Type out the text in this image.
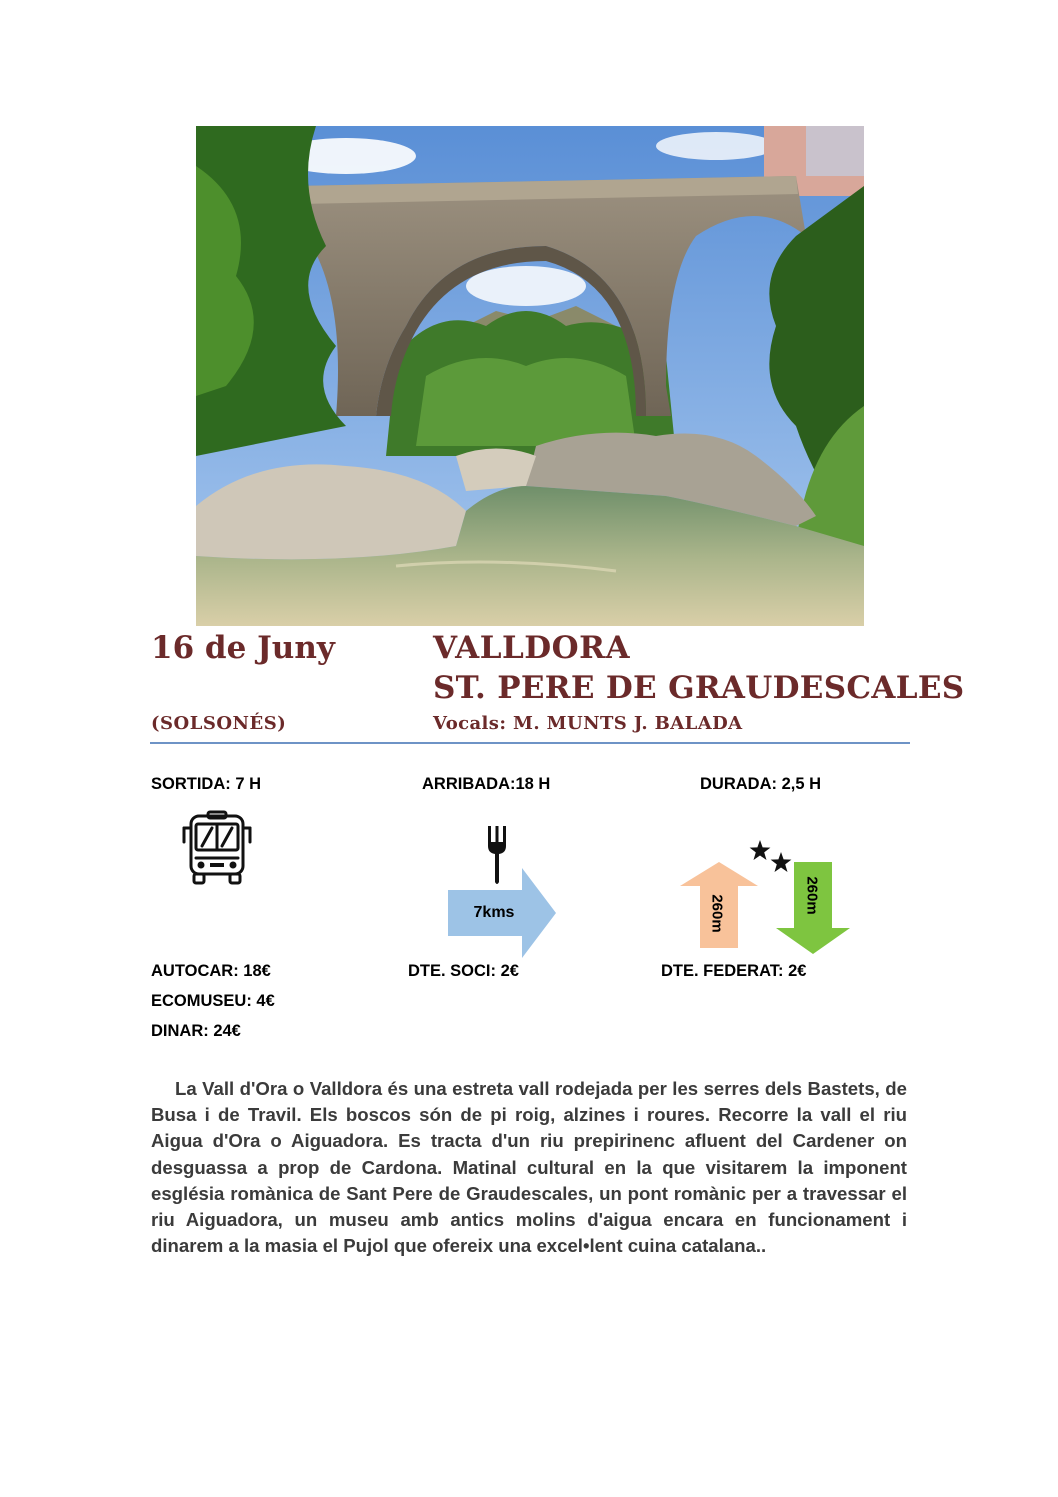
16 de Juny	VALLDORA
ST. PERE DE GRAUDESCALES
(SOLSONÉS)	Vocals: M. MUNTS J. BALADA
SORTIDA: 7 H	ARRIBADA:18 H	DURADA: 2,5 H
7kms	260m	260m
AUTOCAR: 18€
ECOMUSEU: 4€
DINAR: 24€
DTE. SOCI: 2€	DTE. FEDERAT: 2€
La Vall d'Ora o Valldora és una estreta vall rodejada per les serres dels Bastets, de Busa i de Travil. Els boscos són de pi roig, alzines i roures. Recorre la vall el riu Aigua d'Ora o Aiguadora. Es tracta d'un riu prepirinenc afluent del Cardener on desguassa a prop de Cardona. Matinal cultural en la que visitarem la imponent església romànica de Sant Pere de Graudescales, un pont romànic per a travessar el riu Aiguadora, un museu amb antics molins d'aigua encara en funcionament i dinarem a la masia el Pujol que ofereix una excel•lent cuina catalana..
